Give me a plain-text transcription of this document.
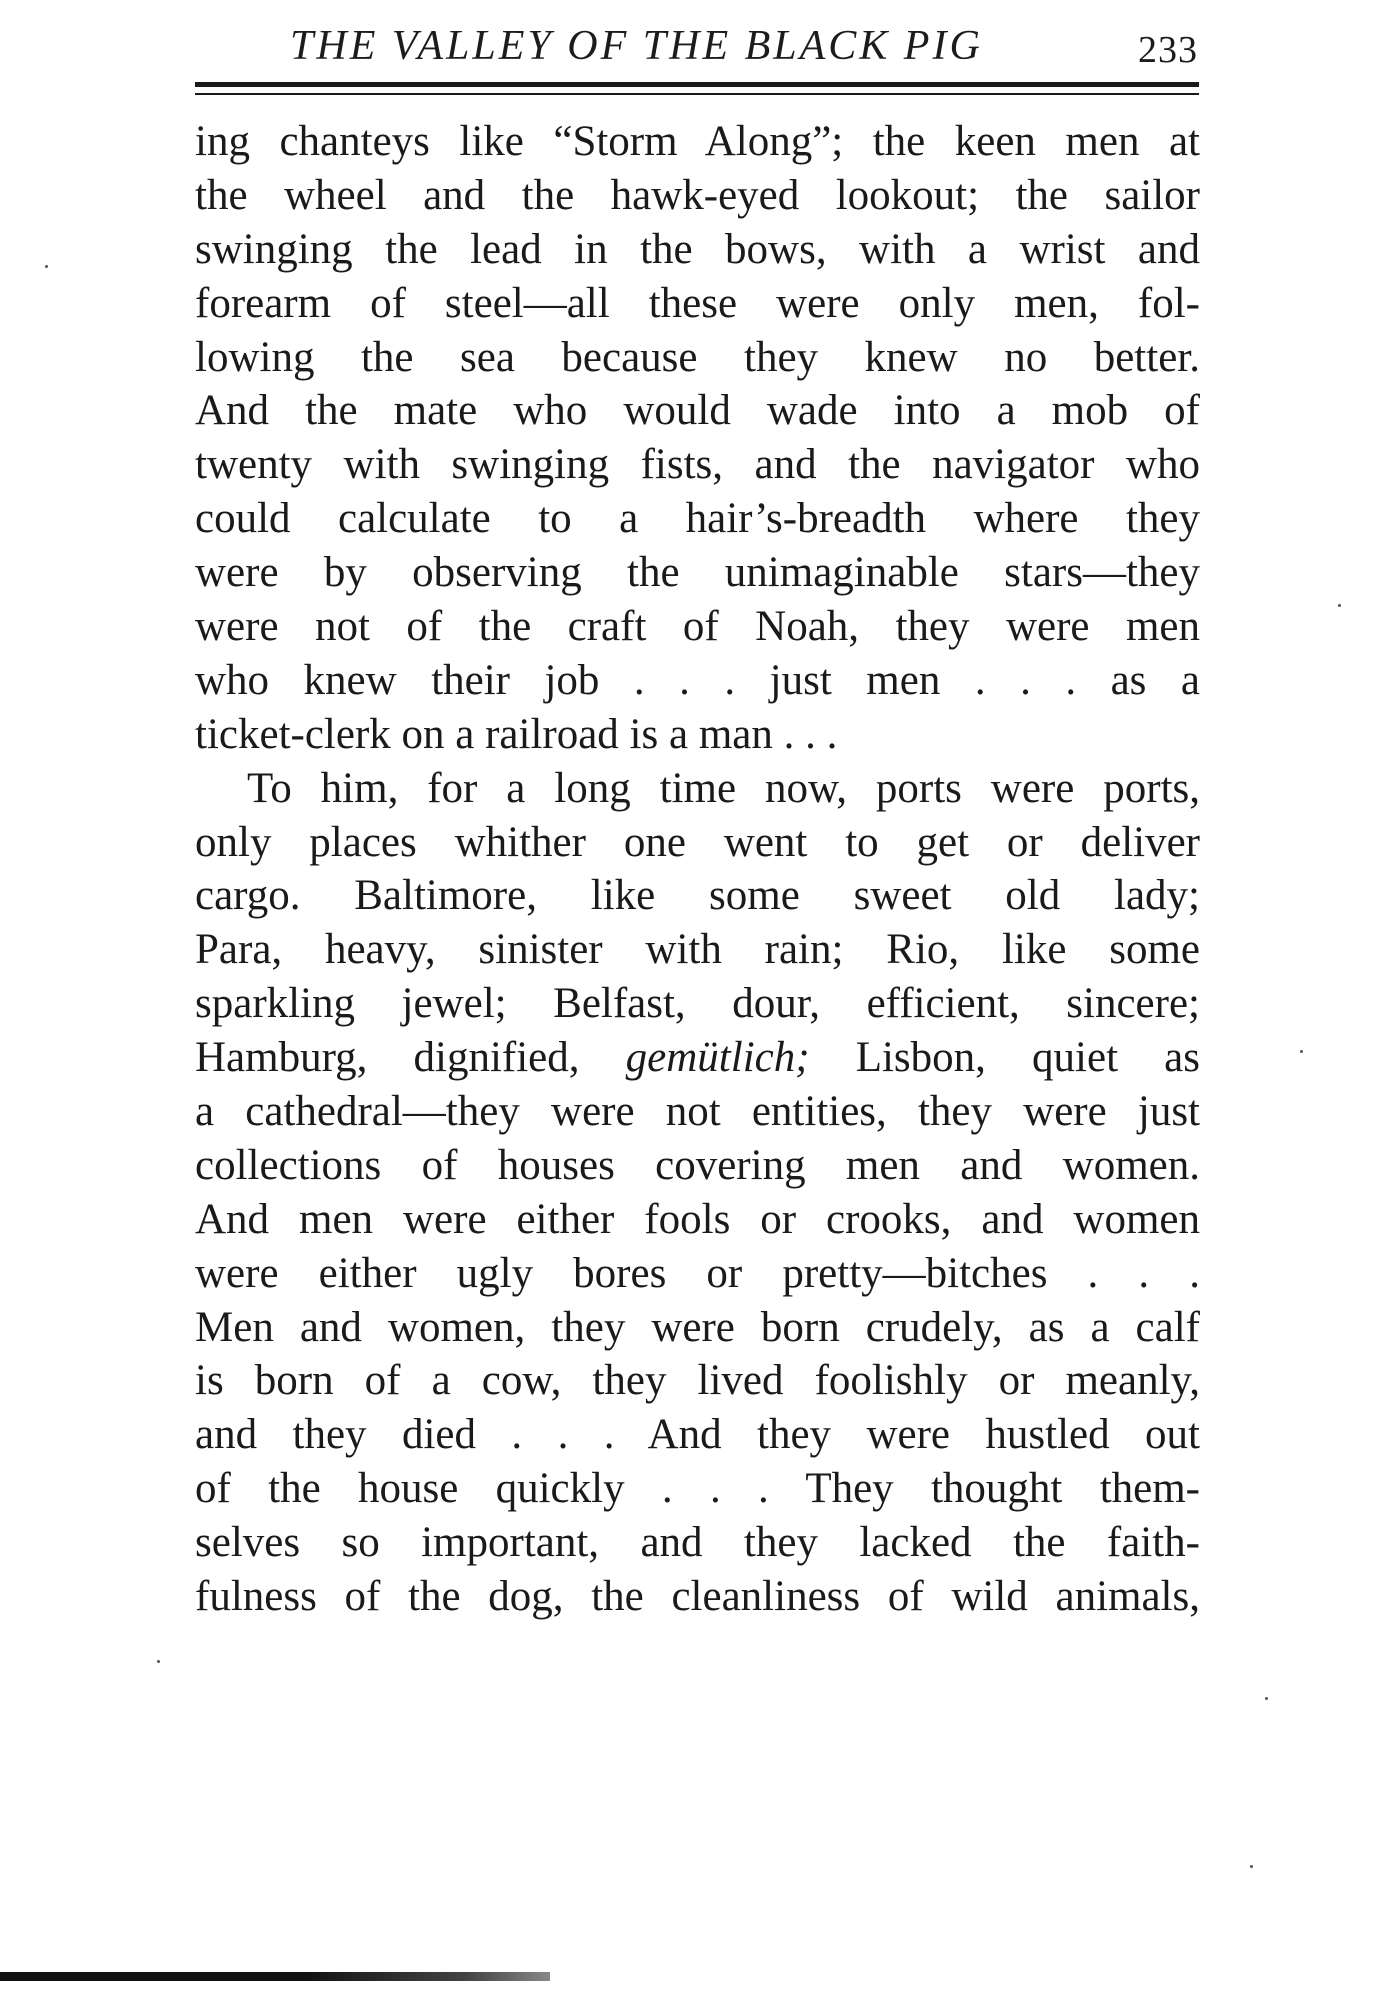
THE VALLEY OF THE BLACK PIG	233
ing chanteys like “Storm Along”; the keen men at
the wheel and the hawk-eyed lookout; the sailor
swinging the lead in the bows, with a wrist and
forearm of steel—all these were only men, fol-
lowing the sea because they knew no better.
And the mate who would wade into a mob of
twenty with swinging fists, and the navigator who
could calculate to a hair’s-breadth where they
were by observing the unimaginable stars—they
were not of the craft of Noah, they were men
who knew their job . . . just men . . . as a
ticket-clerk on a railroad is a man . . .
To him, for a long time now, ports were ports,
only places whither one went to get or deliver
cargo. Baltimore, like some sweet old lady;
Para, heavy, sinister with rain; Rio, like some
sparkling jewel; Belfast, dour, efficient, sincere;
Hamburg, dignified, gemütlich; Lisbon, quiet as
a cathedral—they were not entities, they were just
collections of houses covering men and women.
And men were either fools or crooks, and women
were either ugly bores or pretty—bitches . . .
Men and women, they were born crudely, as a calf
is born of a cow, they lived foolishly or meanly,
and they died . . . And they were hustled out
of the house quickly . . . They thought them-
selves so important, and they lacked the faith-
fulness of the dog, the cleanliness of wild animals,
